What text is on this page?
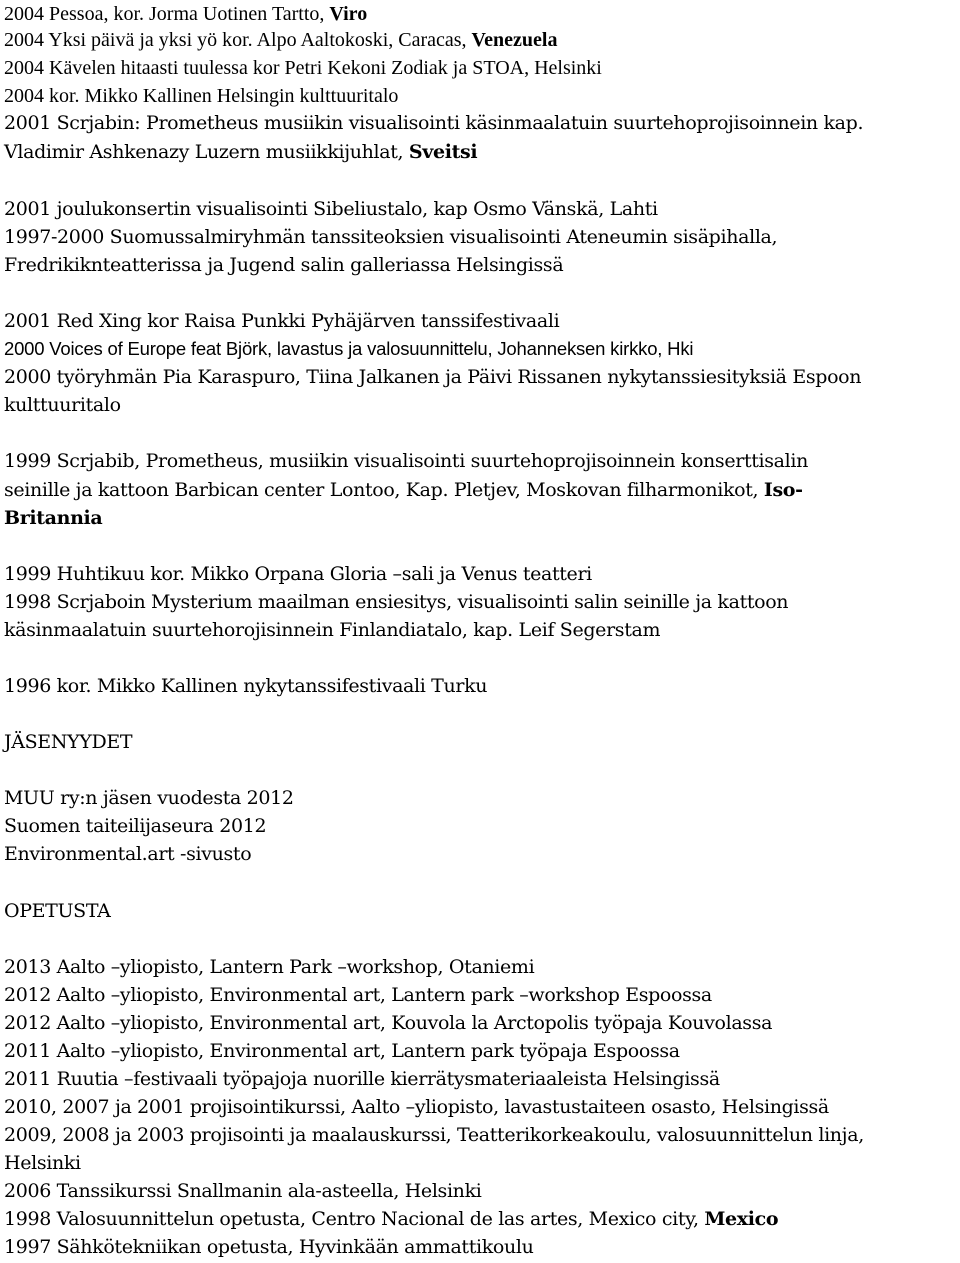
2004 Pessoa, kor. Jorma Uotinen Tartto, Viro
2004 Yksi päivä ja yksi yö kor. Alpo Aaltokoski, Caracas, Venezuela
2004 Kävelen hitaasti tuulessa kor Petri Kekoni Zodiak ja STOA, Helsinki
2004 kor. Mikko Kallinen Helsingin kulttuuritalo
2001 Scrjabin: Prometheus musiikin visualisointi käsinmaalatuin suurtehoprojisoinnein kap.
Vladimir Ashkenazy Luzern musiikkijuhlat, Sveitsi
2001 joulukonsertin visualisointi Sibeliustalo, kap Osmo Vänskä, Lahti
1997-2000 Suomussalmiryhmän tanssiteoksien visualisointi Ateneumin sisäpihalla,
Fredrikiknteatterissa ja Jugend salin galleriassa Helsingissä
2001 Red Xing kor Raisa Punkki Pyhäjärven tanssifestivaali
2000 Voices of Europe feat Björk, lavastus ja valosuunnittelu, Johanneksen kirkko, Hki
2000 työryhmän Pia Karaspuro, Tiina Jalkanen ja Päivi Rissanen nykytanssiesityksiä Espoon
kulttuuritalo
1999 Scrjabib, Prometheus, musiikin visualisointi suurtehoprojisoinnein konserttisalin
seinille ja kattoon Barbican center Lontoo, Kap. Pletjev, Moskovan filharmonikot, Iso-
Britannia
1999 Huhtikuu kor. Mikko Orpana Gloria –sali ja Venus teatteri
1998 Scrjaboin Mysterium maailman ensiesitys, visualisointi salin seinille ja kattoon
käsinmaalatuin suurtehorojisinnein Finlandiatalo, kap. Leif Segerstam
1996 kor. Mikko Kallinen nykytanssifestivaali Turku
JÄSENYYDET
MUU ry:n jäsen vuodesta 2012
Suomen taiteilijaseura 2012
Environmental.art -sivusto
OPETUSTA
2013 Aalto –yliopisto, Lantern Park –workshop, Otaniemi
2012 Aalto –yliopisto, Environmental art, Lantern park –workshop Espoossa
2012 Aalto –yliopisto, Environmental art, Kouvola la Arctopolis työpaja Kouvolassa
2011 Aalto –yliopisto, Environmental art, Lantern park työpaja Espoossa
2011 Ruutia –festivaali työpajoja nuorille kierrätysmateriaaleista Helsingissä
2010, 2007 ja 2001 projisointikurssi, Aalto –yliopisto, lavastustaiteen osasto, Helsingissä
2009, 2008 ja 2003 projisointi ja maalauskurssi, Teatterikorkeakoulu, valosuunnittelun linja,
Helsinki
2006 Tanssikurssi Snallmanin ala-asteella, Helsinki
1998 Valosuunnittelun opetusta, Centro Nacional de las artes, Mexico city, Mexico
1997 Sähkötekniikan opetusta, Hyvinkään ammattikoulu
